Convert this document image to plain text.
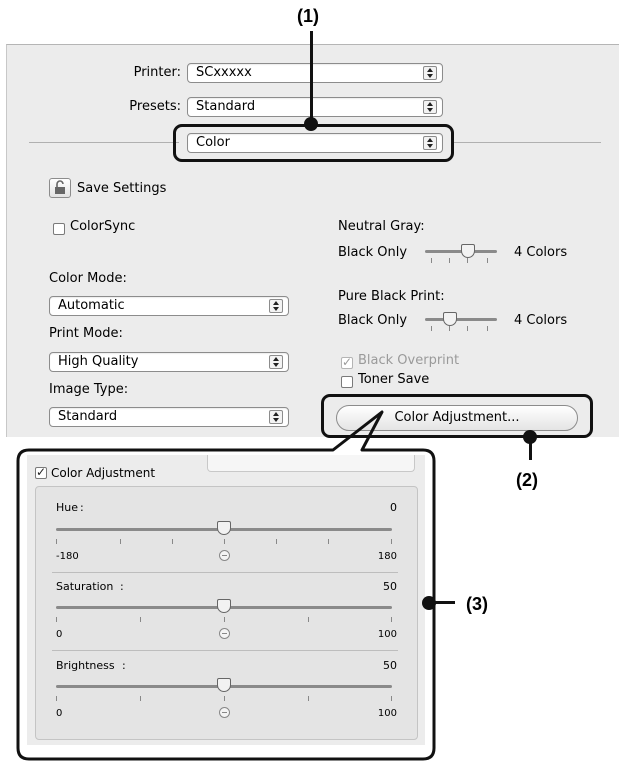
Printer:	SCxxxxx
Presets:	Standard
Color
Save Settings
ColorSync	Neutral Gray:
Black Only	4 Colors
Color Mode:
Automatic
Pure Black Print:
Black Only	4 Colors
Print Mode:
High Quality ✓	Black Overprint
Toner Save
Image Type:
Standard	Color Adjustment...
✓
Color Adjustment
Hue :	0
-180	180
Saturation :	50
0	100
Brightness :	50
0	100
(1)
(2)
(3)
